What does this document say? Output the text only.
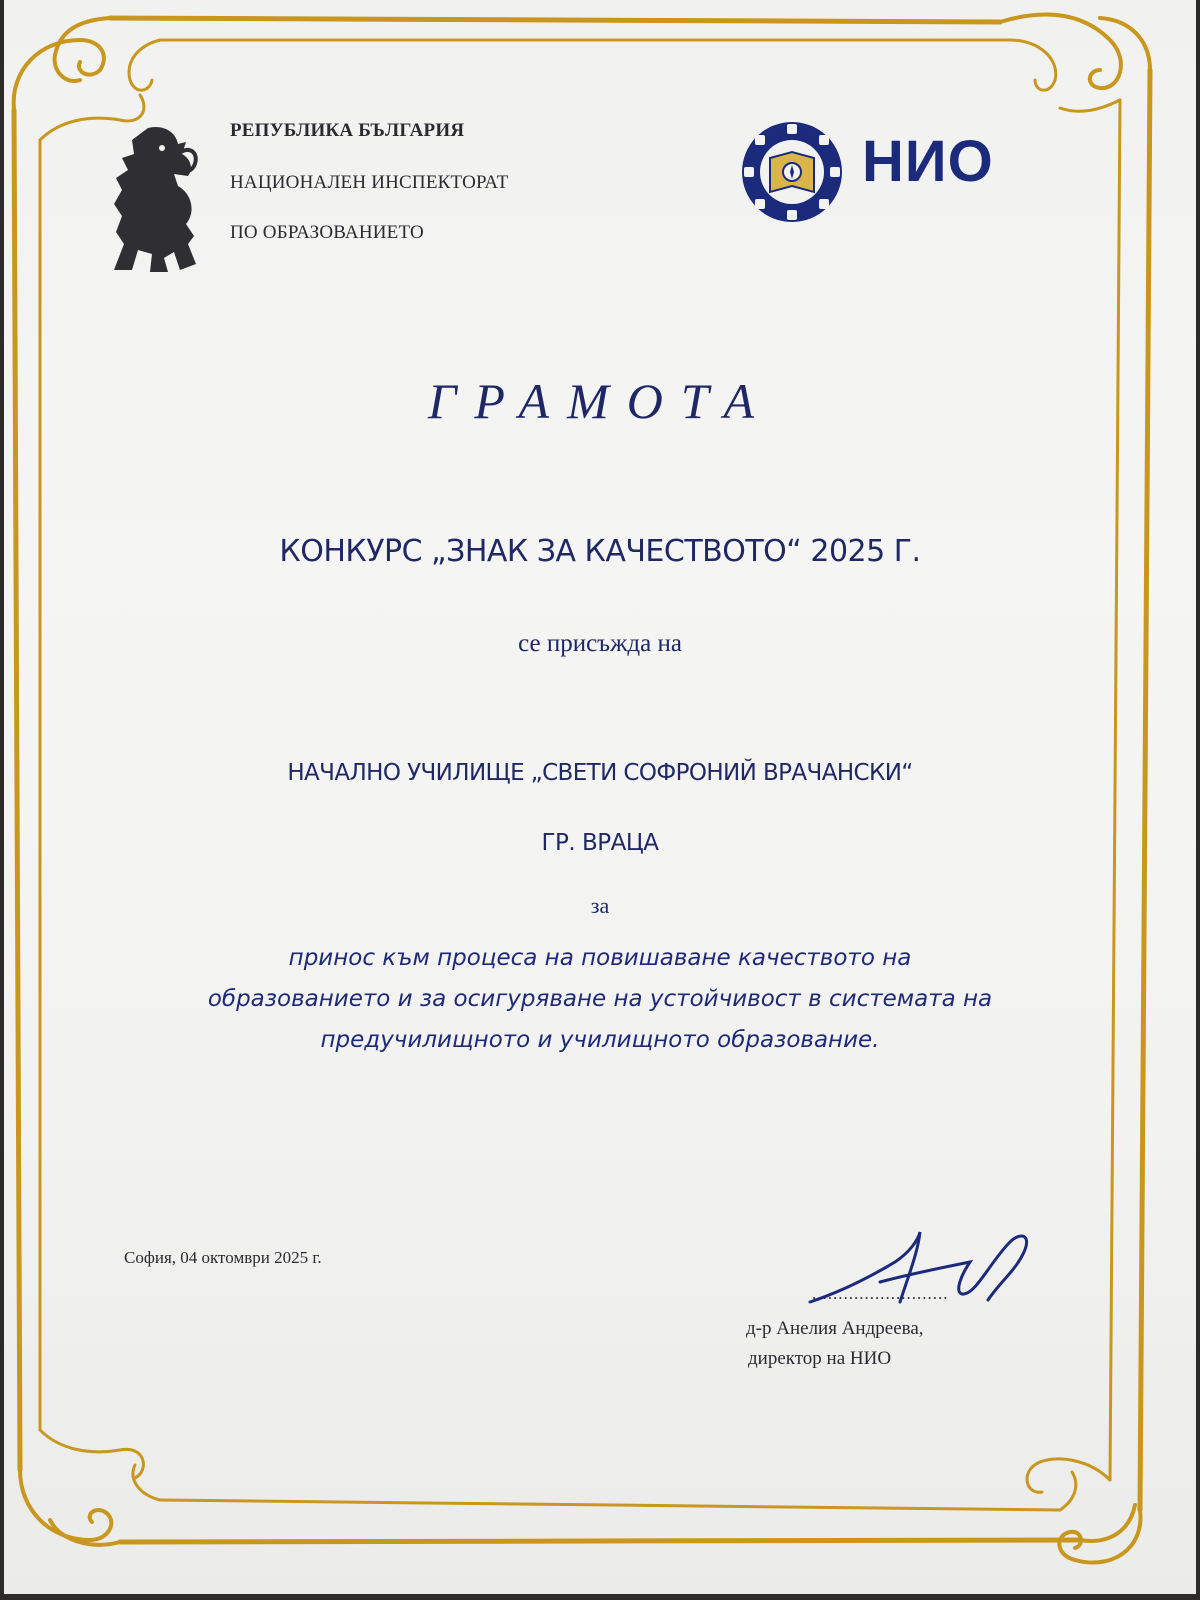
РЕПУБЛИКА БЪЛГАРИЯ
НАЦИОНАЛЕН ИНСПЕКТОРАТ
ПО ОБРАЗОВАНИЕТО
НИО
ГРАМОТА
КОНКУРС „ЗНАК ЗА КАЧЕСТВОТО“ 2025 Г.
се присъжда на
НАЧАЛНО УЧИЛИЩЕ „СВЕТИ СОФРОНИЙ ВРАЧАНСКИ“
ГР. ВРАЦА
за
принос към процеса на повишаване качеството на
образованието и за осигуряване на устойчивост в системата на
предучилищното и училищното образование.
София, 04 октомври 2025 г.
..........................
д-р Анелия Андреева,
директор на НИО
